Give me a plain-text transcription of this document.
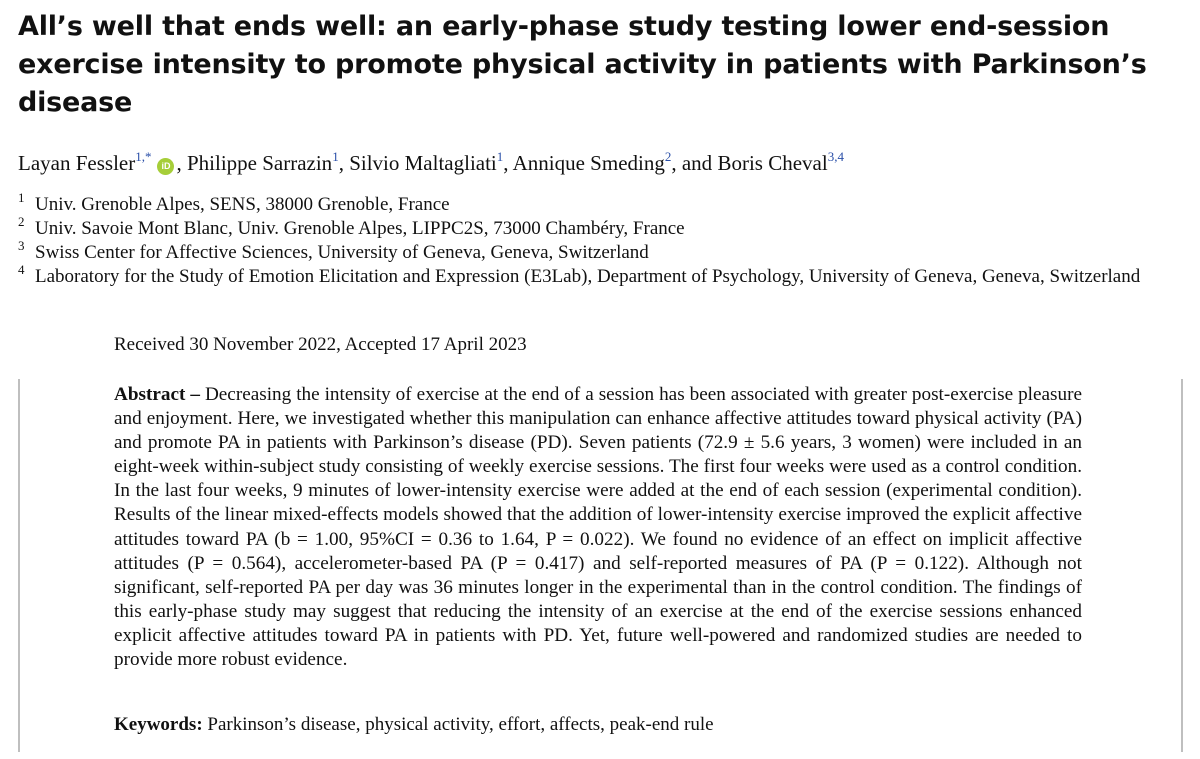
All’s well that ends well: an early-phase study testing lower end-session exercise intensity to promote physical activity in patients with Parkinson’s disease
Layan Fessler$^{1,*}$iD , Philippe Sarrazin$^1$, Silvio Maltagliati$^1$, Annique Smeding$^2$, and Boris Cheval$^{3,4}$
1 Univ. Grenoble Alpes, SENS, 38000 Grenoble, France
2 Univ. Savoie Mont Blanc, Univ. Grenoble Alpes, LIPPC2S, 73000 Chambéry, France
3 Swiss Center for Affective Sciences, University of Geneva, Geneva, Switzerland
4 Laboratory for the Study of Emotion Elicitation and Expression (E3Lab), Department of Psychology, University of Geneva, Geneva, Switzerland
Received 30 November 2022, Accepted 17 April 2023
Abstract – Decreasing the intensity of exercise at the end of a session has been associated with greater post-exercise pleasure and enjoyment. Here, we investigated whether this manipulation can enhance affective attitudes toward physical activity (PA) and promote PA in patients with Parkinson’s disease (PD). Seven patients (72.9 ± 5.6 years, 3 women) were included in an eight-week within-subject study consisting of weekly exercise sessions. The first four weeks were used as a control condition. In the last four weeks, 9 minutes of lower-intensity exercise were added at the end of each session (experimental condition). Results of the linear mixed-effects models showed that the addition of lower-intensity exercise improved the explicit affective attitudes toward PA (b = 1.00, 95%CI = 0.36 to 1.64, P = 0.022). We found no evidence of an effect on implicit affective attitudes (P = 0.564), accelerometer-based PA (P = 0.417) and self-reported measures of PA (P = 0.122). Although not significant, self-reported PA per day was 36 minutes longer in the experimental than in the control condition. The findings of this early-phase study may suggest that reducing the intensity of an exercise at the end of the exercise sessions enhanced explicit affective attitudes toward PA in patients with PD. Yet, future well-powered and randomized studies are needed to provide more robust evidence.
Keywords: Parkinson’s disease, physical activity, effort, affects, peak-end rule
